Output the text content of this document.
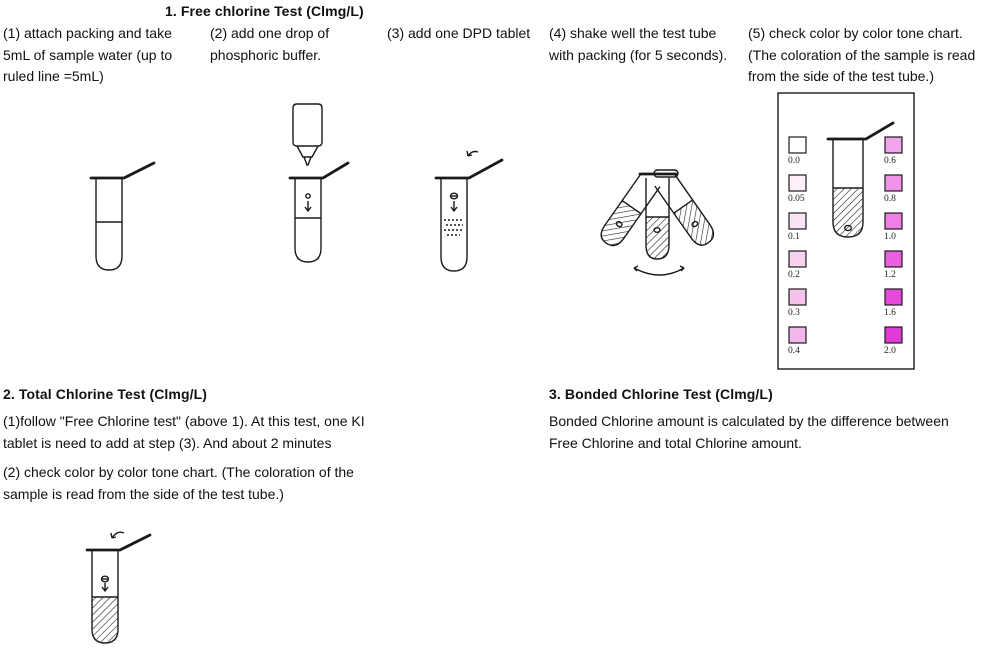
1. Free chlorine Test (Clmg/L)
(1) attach packing and take
5mL of sample water (up to
ruled line =5mL)
(2) add one drop of
phosphoric buffer.
(3) add one DPD tablet (4) shake well the test tube
with packing (for 5 seconds).
(5) check color by color tone chart.
(The coloration of the sample is read
from the side of the test tube.)
0.0
0.05
0.1
0.2
0.3
0.4
0.6
0.8
1.0
1.2
1.6
2.0
2. Total Chlorine Test (Clmg/L)
(1)follow "Free Chlorine test" (above 1). At this test, one KI
tablet is need to add at step (3). And about 2 minutes
(2) check color by color tone chart. (The coloration of the
sample is read from the side of the test tube.)
3. Bonded Chlorine Test (Clmg/L)
Bonded Chlorine amount is calculated by the difference between
Free Chlorine and total Chlorine amount.
